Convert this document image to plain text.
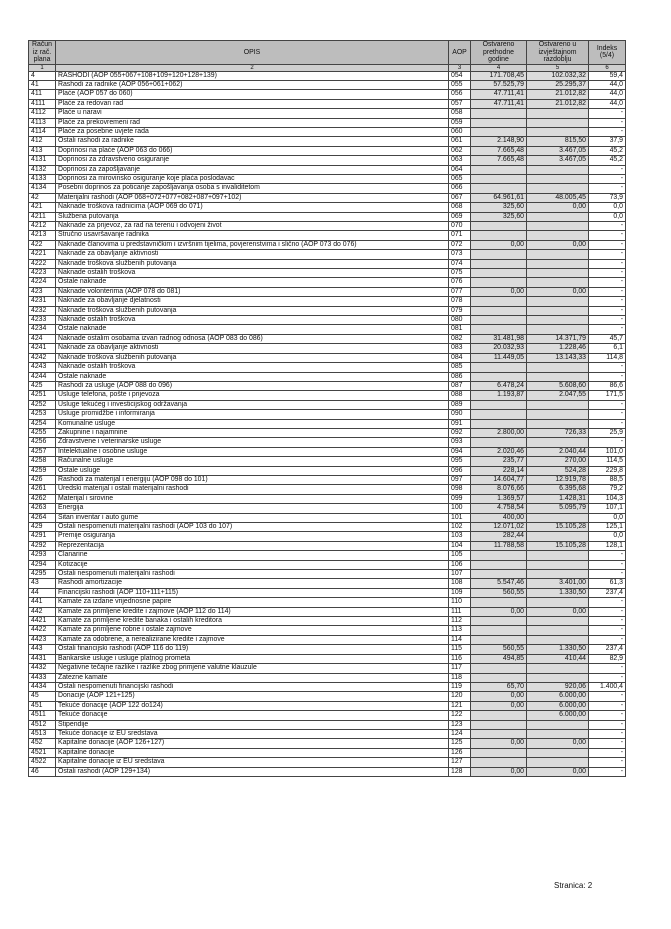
Račun iz rač. plana	OPIS	AOP	Ostvareno prethodne godine	Ostvareno u izvještajnom razdoblju	Indeks (5/4)
1	2	3	4	5	6
4	RASHODI (AOP 055+067+108+109+120+128+139)	054	171.708,45	102.032,32	59,4
41	Rashodi za radnike (AOP 056+061+062)	055	57.525,79	25.295,37	44,0
411	Plaće (AOP 057 do 060)	056	47.711,41	21.012,82	44,0
4111	Plaće za redovan rad	057	47.711,41	21.012,82	44,0
4112	Plaće u naravi	058			-
4113	Plaće za prekovremeni rad	059			-
4114	Plaće za posebne uvjete rada	060			-
412	Ostali rashodi za radnike	061	2.148,90	815,50	37,9
413	Doprinosi na plaće (AOP 063 do 066)	062	7.665,48	3.467,05	45,2
4131	Doprinosi za zdravstveno osiguranje	063	7.665,48	3.467,05	45,2
4132	Doprinosi za zapošljavanje	064			-
4133	Doprinosi za mirovinsko osiguranje koje plaća poslodavac	065			-
4134	Posebni doprinos za poticanje zapošljavanja osoba s invaliditetom	066			-
42	Materijalni rashodi (AOP 068+072+077+082+087+097+102)	067	64.961,61	48.005,45	73,9
421	Naknade troškova radnicima (AOP 069 do 071)	068	325,60	0,00	0,0
4211	Službena putovanja	069	325,60		0,0
4212	Naknade za prijevoz, za rad na terenu i odvojeni život	070			-
4213	Stručno usavršavanje radnika	071			-
422	Naknade članovima u predstavničkim i izvršnim tijelima, povjerenstvima i slično (AOP 073 do 076)	072	0,00	0,00	-
4221	Naknade za obavljanje aktivnosti	073			-
4222	Naknade troškova službenih putovanja	074			-
4223	Naknade ostalih troškova	075			-
4224	Ostale naknade	076			-
423	Naknade volonterima (AOP 078 do 081)	077	0,00	0,00	-
4231	Naknade za obavljanje djelatnosti	078			-
4232	Naknade troškova službenih putovanja	079			-
4233	Naknade ostalih troškova	080			-
4234	Ostale naknade	081			-
424	Naknade ostalim osobama izvan radnog odnosa (AOP 083 do 086)	082	31.481,98	14.371,79	45,7
4241	Naknade za obavljanje aktivnosti	083	20.032,93	1.228,46	6,1
4242	Naknade troškova službenih putovanja	084	11.449,05	13.143,33	114,8
4243	Naknade ostalih troškova	085			-
4244	Ostale naknade	086			-
425	Rashodi za usluge (AOP 088 do 096)	087	6.478,24	5.608,60	86,6
4251	Usluge telefona, pošte i prijevoza	088	1.193,87	2.047,55	171,5
4252	Usluge tekućeg i investicijskog održavanja	089			-
4253	Usluge promidžbe i informiranja	090			-
4254	Komunalne usluge	091			-
4255	Zakupnine i najamnine	092	2.800,00	726,33	25,9
4256	Zdravstvene i veterinarske usluge	093			-
4257	Intelektualne i osobne usluge	094	2.020,46	2.040,44	101,0
4258	Računalne usluge	095	235,77	270,00	114,5
4259	Ostale usluge	096	228,14	524,28	229,8
426	Rashodi za materijal i energiju (AOP 098 do 101)	097	14.604,77	12.919,78	88,5
4261	Uredski materijal i ostali materijalni rashodi	098	8.076,66	6.395,68	79,2
4262	Materijal i sirovine	099	1.369,57	1.428,31	104,3
4263	Energija	100	4.758,54	5.095,79	107,1
4264	Sitan inventar i auto gume	101	400,00		0,0
429	Ostali nespomenuti materijalni rashodi (AOP 103 do 107)	102	12.071,02	15.105,28	125,1
4291	Premije osiguranja	103	282,44		0,0
4292	Reprezentacija	104	11.788,58	15.105,28	128,1
4293	Članarine	105			-
4294	Kotizacije	106			-
4295	Ostali nespomenuti materijalni rashodi	107			-
43	Rashodi amortizacije	108	5.547,46	3.401,00	61,3
44	Financijski rashodi (AOP 110+111+115)	109	560,55	1.330,50	237,4
441	Kamate za izdane vrijednosne papire	110			-
442	Kamate za primljene kredite i zajmove (AOP 112 do 114)	111	0,00	0,00	-
4421	Kamate za primljene kredite banaka i ostalih kreditora	112			-
4422	Kamate za primljene robne i ostale zajmove	113			-
4423	Kamate za odobrene, a nerealizirane kredite i zajmove	114			-
443	Ostali financijski rashodi (AOP 116 do 119)	115	560,55	1.330,50	237,4
4431	Bankarske usluge i usluge platnog prometa	116	494,85	410,44	82,9
4432	Negativne tečajne razlike i razlike zbog primjene valutne klauzule	117			-
4433	Zatezne kamate	118			-
4434	Ostali nespomenuti financijski rashodi	119	65,70	920,06	1.400,4
45	Donacije (AOP 121+125)	120	0,00	6.000,00	-
451	Tekuće donacije (AOP 122 do124)	121	0,00	6.000,00	-
4511	Tekuće donacije	122		6.000,00	-
4512	Stipendije	123			-
4513	Tekuće donacije iz EU sredstava	124			-
452	Kapitalne donacije (AOP 126+127)	125	0,00	0,00	-
4521	Kapitalne donacije	126			-
4522	Kapitalne donacije iz EU sredstava	127			-
46	Ostali rashodi (AOP 129+134)	128	0,00	0,00	-
Stranica: 2
